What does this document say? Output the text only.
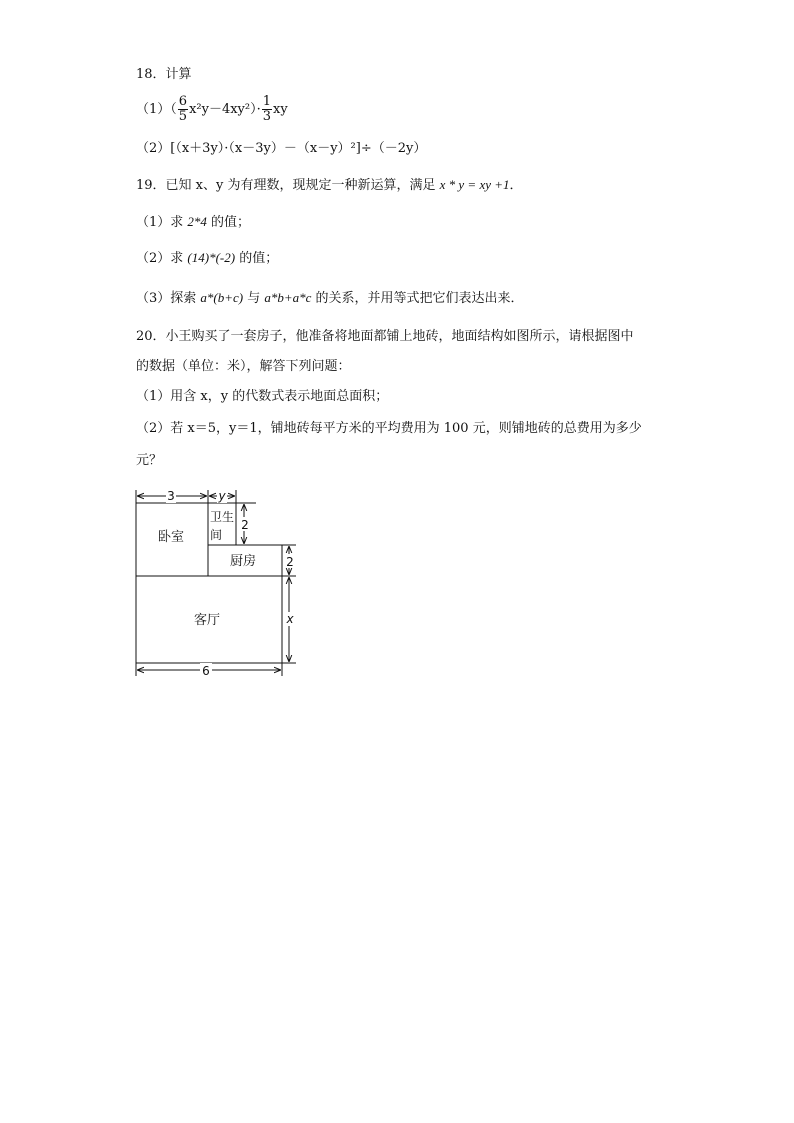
18．计算
$(1)( \frac{6}{5} x^2y-4xy^2)\cdot \frac{1}{3}$ xy
（2）[（x＋3y）·（x－3y）－（x－y）²]÷（－2y）
19．已知 x、y 为有理数，现规定一种新运算，满足 x * y = xy +1．
（1）求 2*4 的值；
（2）求 (14)*(-2) 的值；
（3）探索 a*(b+c) 与 a*b+a*c 的关系，并用等式把它们表达出来．
20．小王购买了一套房子，他准备将地面都铺上地砖，地面结构如图所示，请根据图中
的数据（单位：米），解答下列问题：
（1）用含 x，y 的代数式表示地面总面积；
（2）若 x＝5，y＝1，铺地砖每平方米的平均费用为 100 元，则铺地砖的总费用为多少
元？
卧室
卫生
间
厨房
客厅
3	y
2
2
x
6
